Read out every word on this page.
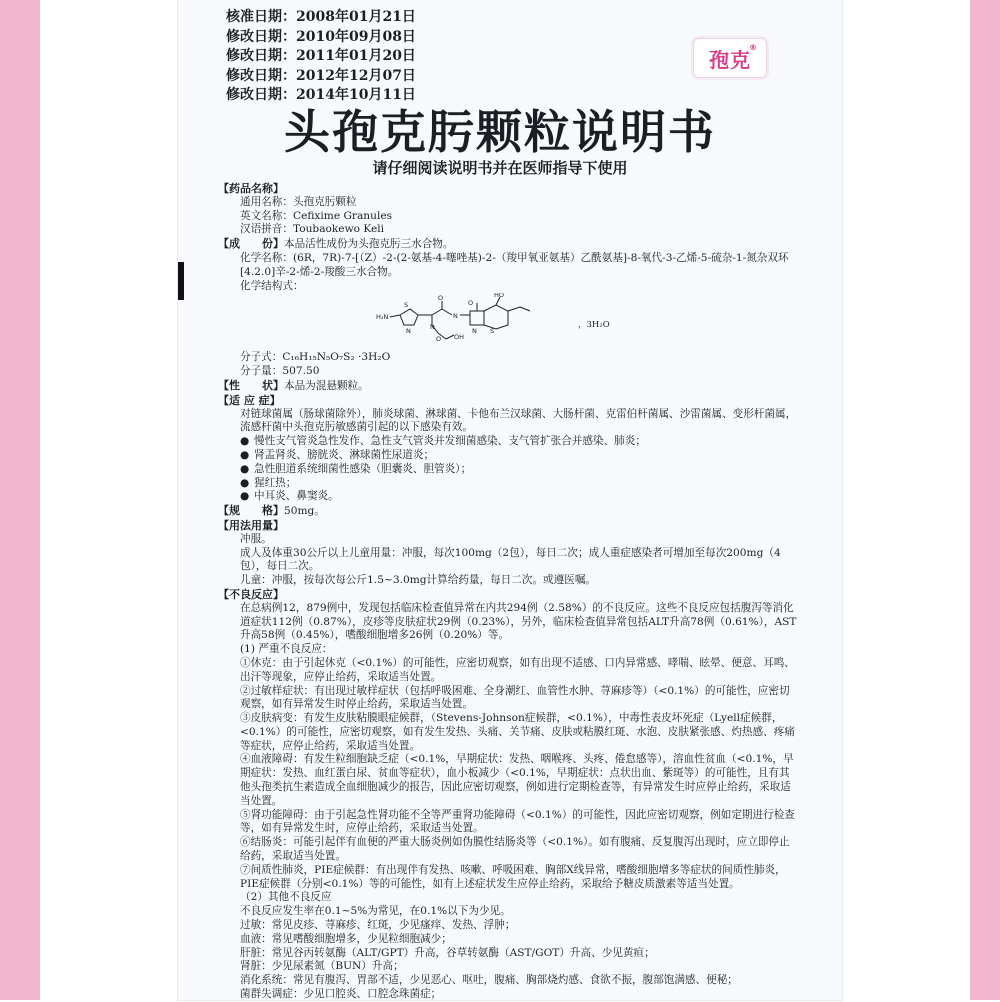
核准日期：2008年01月21日
修改日期：2010年09月08日
修改日期：2011年01月20日
修改日期：2012年12月07日
修改日期：2014年10月11日
孢克
®
头孢克肟颗粒说明书
请仔细阅读说明书并在医师指导下使用
【药品名称】
通用名称：头孢克肟颗粒
英文名称：Cefixime Granules
汉语拼音：Toubaokewo Keli
【成　　份】本品活性成份为头孢克肟三水合物。
化学名称：(6R，7R)-7-[（Z）-2-(2-氨基-4-噻唑基)-2-（羧甲氧亚氨基）乙酰氨基]-8-氧代-3-乙烯-5-硫杂-1-氮杂双环[4.2.0]辛-2-烯-2-羧酸三水合物。
化学结构式：
H₂N
N
S
O
N
N
O OH
S
N
O
HO
，3H₂O
分子式：C₁₆H₁₅N₅O₇S₂ ·3H₂O
分子量：507.50
【性　　状】本品为混悬颗粒。
【适 应 症】
对链球菌属（肠球菌除外），肺炎球菌、淋球菌、卡他布兰汉球菌、大肠杆菌、克雷伯杆菌属、沙雷菌属、变形杆菌属，流感杆菌中头孢克肟敏感菌引起的以下感染有效。
● 慢性支气管炎急性发作、急性支气管炎并发细菌感染、支气管扩张合并感染、肺炎；
● 肾盂肾炎、膀胱炎、淋球菌性尿道炎；
● 急性胆道系统细菌性感染（胆囊炎、胆管炎）；
● 猩红热；
● 中耳炎、鼻窦炎。
【规　　格】50mg。
【用法用量】
冲服。
成人及体重30公斤以上儿童用量：冲服，每次100mg（2包），每日二次；成人重症感染者可增加至每次200mg（4包），每日二次。
儿童：冲服，按每次每公斤1.5~3.0mg计算给药量，每日二次。或遵医嘱。
【不良反应】
在总病例12，879例中，发现包括临床检查值异常在内共294例（2.58%）的不良反应。这些不良反应包括腹泻等消化道症状112例（0.87%），皮疹等皮肤症状29例（0.23%），另外，临床检查值异常包括ALT升高78例（0.61%），AST升高58例（0.45%），嗜酸细胞增多26例（0.20%）等。
(1) 严重不良反应：
①休克：由于引起休克（<0.1%）的可能性，应密切观察，如有出现不适感、口内异常感、哮喘、眩晕、便意、耳鸣、出汗等现象，应停止给药，采取适当处置。
②过敏样症状：有出现过敏样症状（包括呼吸困难、全身潮红、血管性水肿、荨麻疹等）（<0.1%）的可能性，应密切观察，如有异常发生时停止给药，采取适当处置。
③皮肤病变：有发生皮肤粘膜眼症候群，（Stevens-Johnson症候群，<0.1%），中毒性表皮坏死症（Lyell症候群，<0.1%）的可能性，应密切观察，如有发生发热、头痛、关节痛、皮肤或粘膜红斑、水泡、皮肤紧张感、灼热感、疼痛等症状，应停止给药，采取适当处置。
④血液障碍：有发生粒细胞缺乏症（<0.1%，早期症状：发热、咽喉疼、头疼、倦怠感等），溶血性贫血（<0.1%，早期症状：发热、血红蛋白尿、贫血等症状），血小板减少（<0.1%，早期症状：点状出血、紫斑等）的可能性，且有其他头孢类抗生素造成全血细胞减少的报告，因此应密切观察，例如进行定期检查等，有异常发生时应停止给药，采取适当处置。
⑤肾功能障碍：由于引起急性肾功能不全等严重肾功能障碍（<0.1%）的可能性，因此应密切观察，例如定期进行检查等，如有异常发生时，应停止给药，采取适当处置。
⑥结肠炎：可能引起伴有血便的严重大肠炎例如伪膜性结肠炎等（<0.1%）。如有腹痛、反复腹泻出现时，应立即停止给药，采取适当处置。
⑦间质性肺炎，PIE症候群：有出现伴有发热、咳嗽、呼吸困难、胸部X线异常，嗜酸细胞增多等症状的间质性肺炎，PIE症候群（分别<0.1%）等的可能性，如有上述症状发生应停止给药，采取给予糖皮质激素等适当处置。
（2）其他不良反应
不良反应发生率在0.1~5%为常见，在0.1%以下为少见。
过敏：常见皮疹、荨麻疹、红斑，少见瘙痒、发热、浮肿；
血液：常见嗜酸细胞增多，少见粒细胞减少；
肝脏：常见谷丙转氨酶（ALT/GPT）升高，谷草转氨酶（AST/GOT）升高、少见黄疸；
肾脏：少见尿素氮（BUN）升高；
消化系统：常见有腹泻、胃部不适，少见恶心、呕吐，腹痛、胸部烧灼感、食欲不振，腹部饱满感、便秘；
菌群失调症：少见口腔炎、口腔念珠菌症；
